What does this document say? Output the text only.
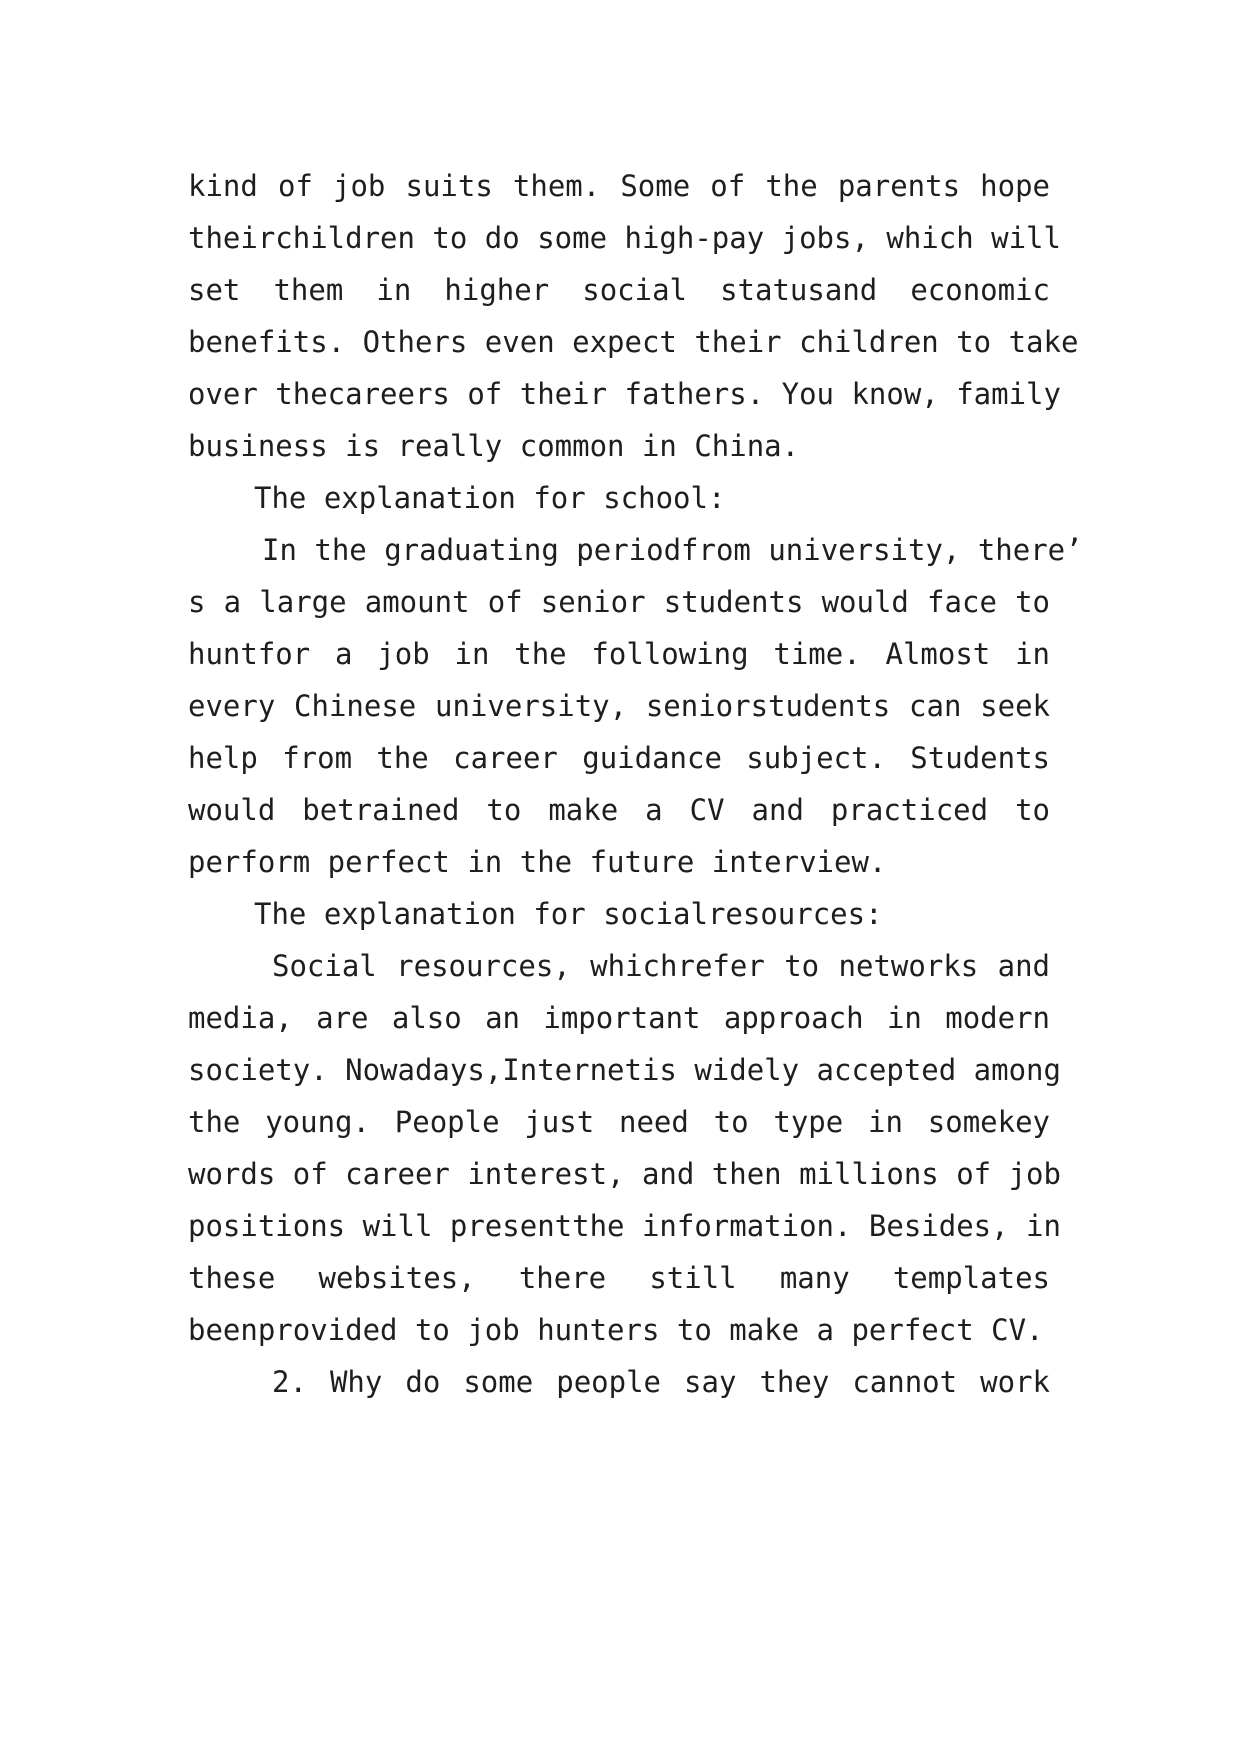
kind of job suits them. Some of the parents hope
theirchildren to do some high-pay jobs, which will
set them in higher social statusand economic
benefits. Others even expect their children to take
over thecareers of their fathers. You know, family
business is really common in China.
The explanation for school:
In the graduating periodfrom university, there’
s a large amount of senior students would face to
huntfor a job in the following time. Almost in
every Chinese university, seniorstudents can seek
help from the career guidance subject. Students
would betrained to make a CV and practiced to
perform perfect in the future interview.
The explanation for socialresources:
Social resources, whichrefer to networks and
media, are also an important approach in modern
society. Nowadays,Internetis widely accepted among
the young. People just need to type in somekey
words of career interest, and then millions of job
positions will presentthe information. Besides, in
these websites, there still many templates
beenprovided to job hunters to make a perfect CV.
2. Why do some people say they cannot work
